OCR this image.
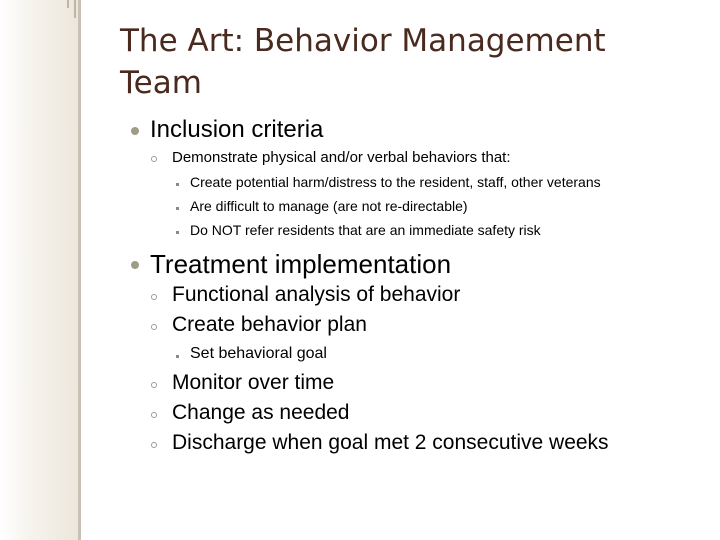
The Art: Behavior Management Team
Inclusion criteria
Demonstrate physical and/or verbal behaviors that:
Create potential harm/distress to the resident, staff, other veterans
Are difficult to manage (are not re-directable)
Do NOT refer residents that are an immediate safety risk
Treatment implementation
Functional analysis of behavior
Create behavior plan
Set behavioral goal
Monitor over time
Change as needed
Discharge when goal met 2 consecutive weeks
